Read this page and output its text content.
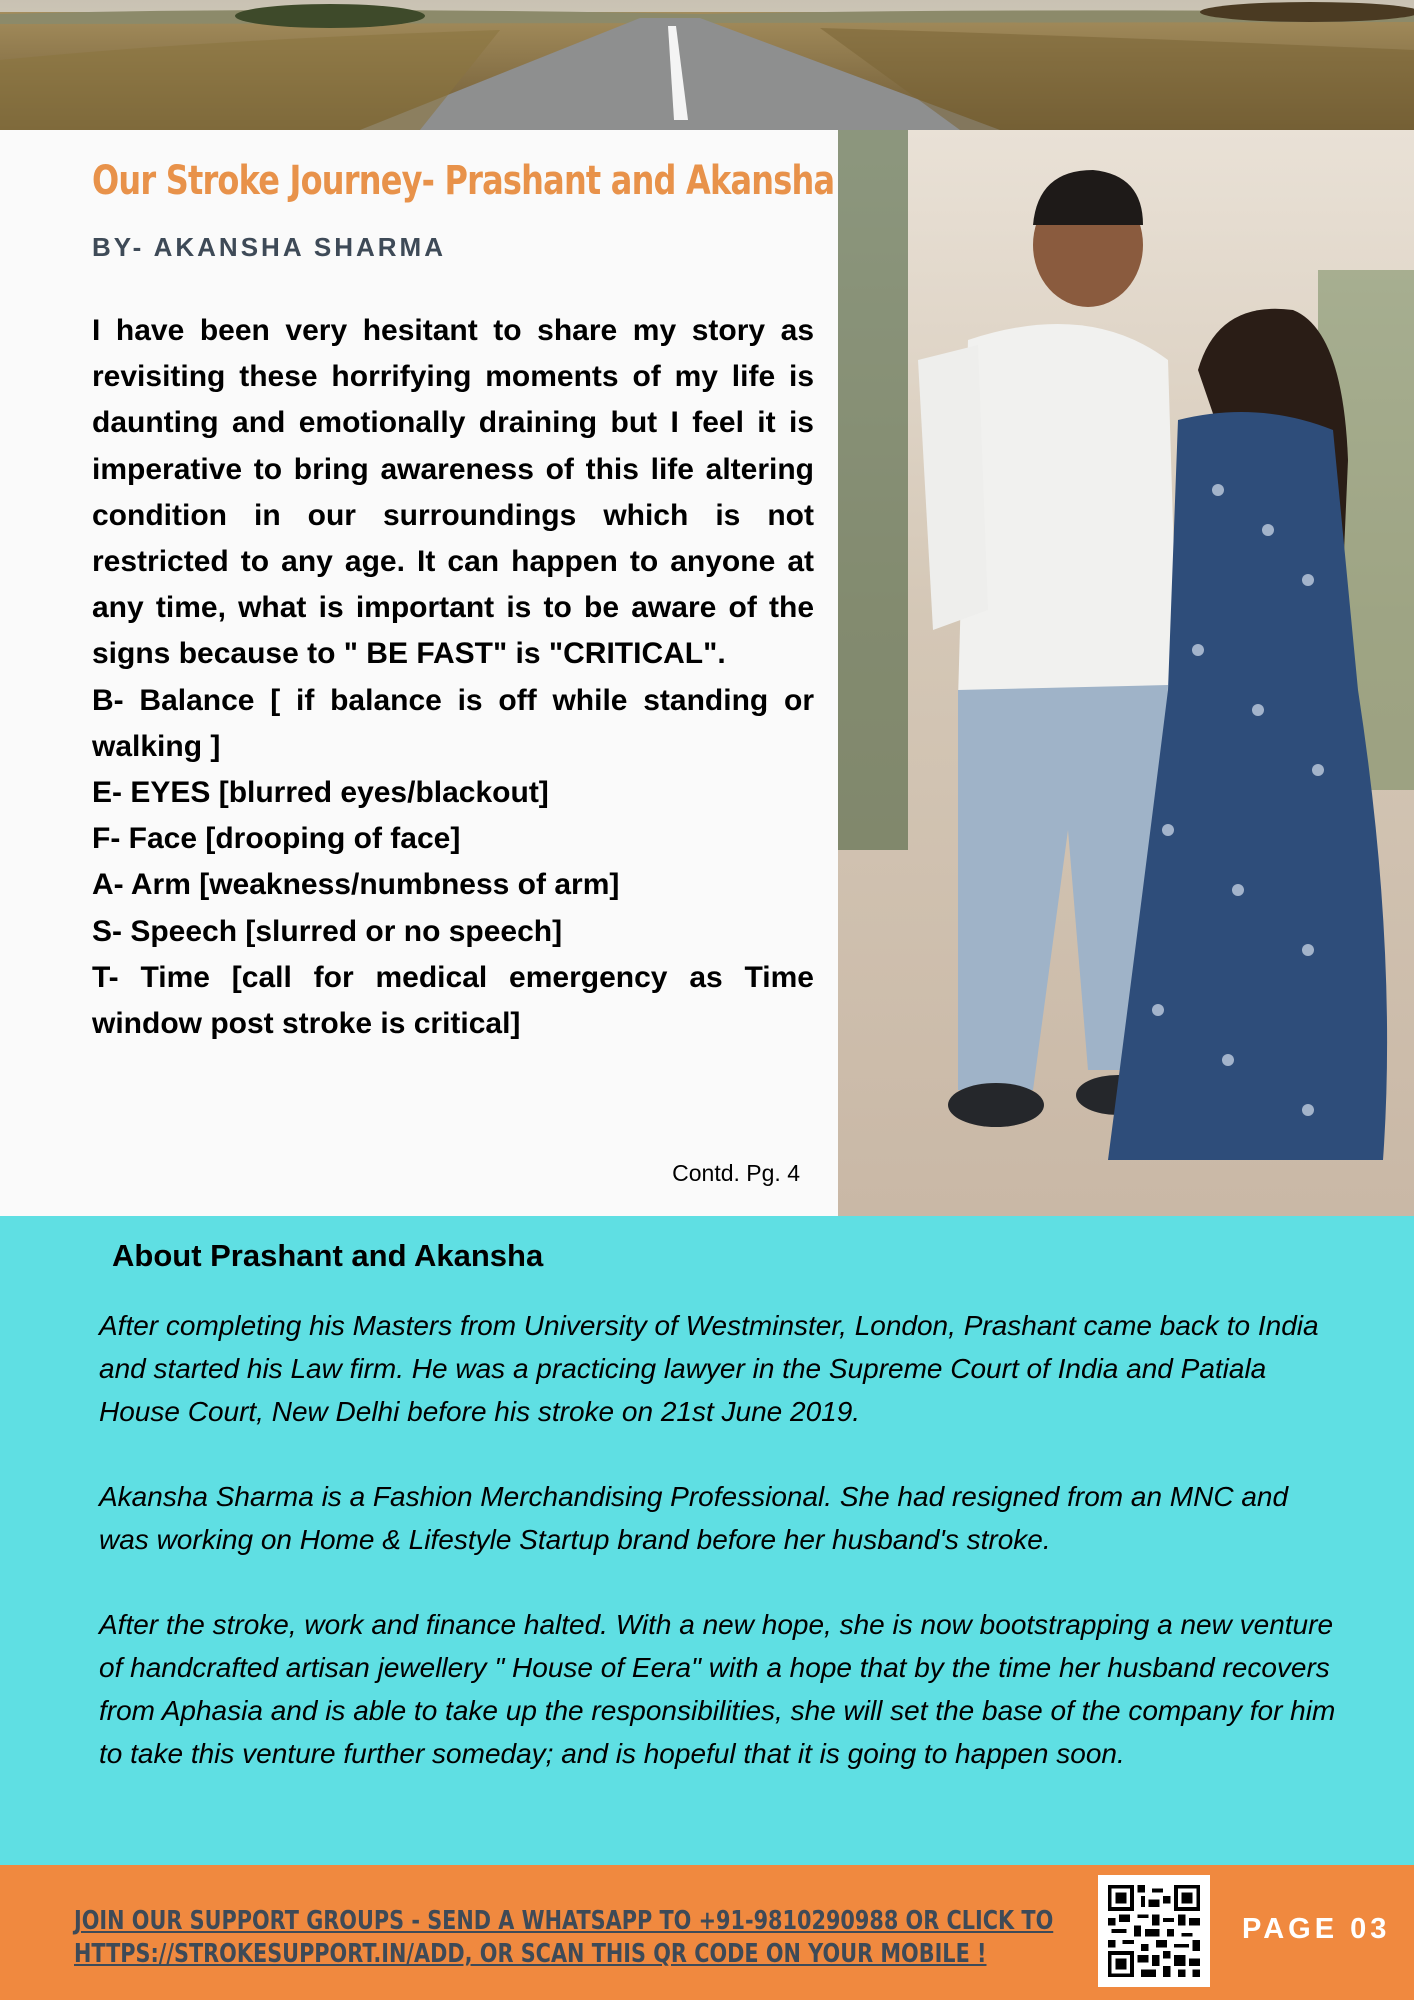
Our Stroke Journey- Prashant and Akansha
BY- AKANSHA SHARMA

I have been very hesitant to share my story as revisiting these horrifying moments of my life is daunting and emotionally draining but I feel it is imperative to bring awareness of this life altering condition in our surroundings which is not restricted to any age. It can happen to anyone at any time, what is important is to be aware of the signs because to " BE FAST" is "CRITICAL".

B- Balance [ if balance is off while standing or walking ]

E- EYES [blurred eyes/blackout]

F- Face [drooping of face]

A- Arm [weakness/numbness of arm]

S- Speech [slurred or no speech]

T- Time [call for medical emergency as Time window post stroke is critical]

Contd. Pg. 4
About Prashant and Akansha

After completing his Masters from University of Westminster, London, Prashant came back to India and started his Law firm. He was a practicing lawyer in the Supreme Court of India and Patiala House Court, New Delhi before his stroke on 21st June 2019.

Akansha Sharma is a Fashion Merchandising Professional. She had resigned from an MNC and was working on Home & Lifestyle Startup brand before her husband's stroke.

After the stroke, work and finance halted. With a new hope, she is now bootstrapping a new venture of handcrafted artisan jewellery " House of Eera" with a hope that by the time her husband recovers from Aphasia and is able to take up the responsibilities, she will set the base of the company for him to take this venture further someday; and is hopeful that it is going to happen soon.

JOIN OUR SUPPORT GROUPS - SEND A WHATSAPP TO +91-9810290988 OR CLICK TO
HTTPS://STROKESUPPORT.IN/ADD, OR SCAN THIS QR CODE ON YOUR MOBILE !
PAGE 03
